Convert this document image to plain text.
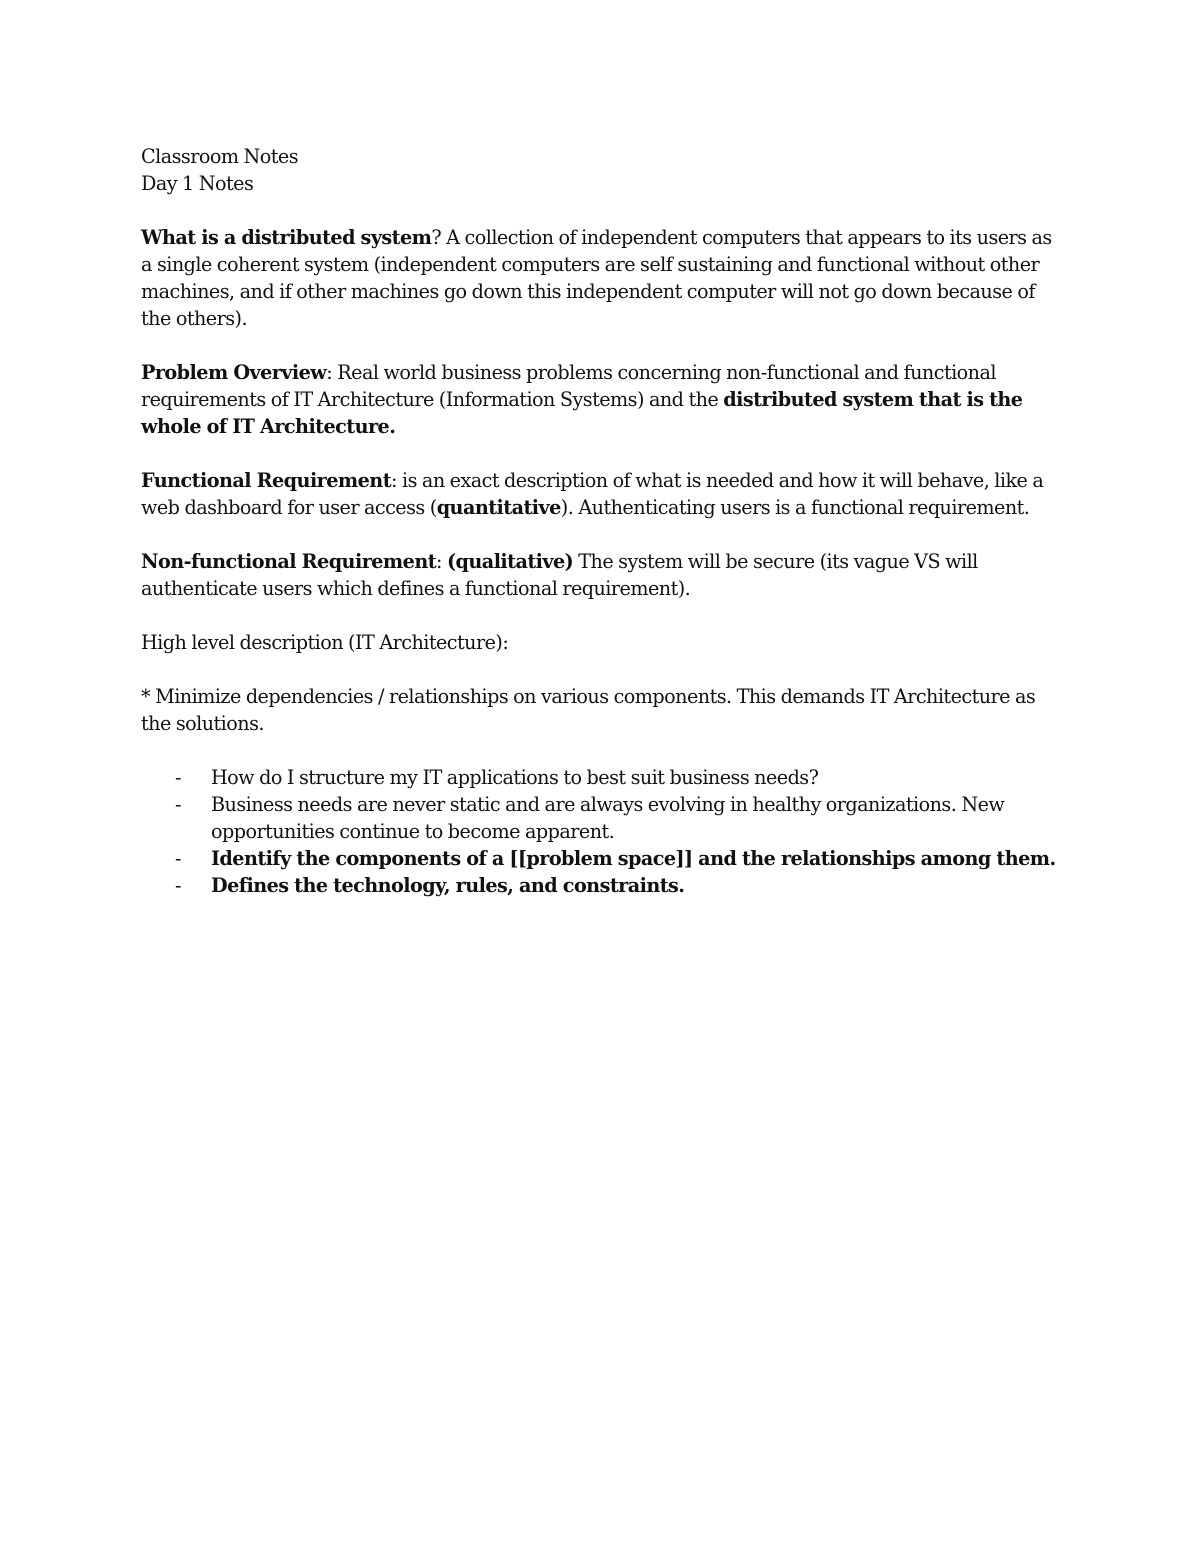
Classroom Notes
Day 1 Notes
What is a distributed system? A collection of independent computers that appears to its users as a single coherent system (independent computers are self sustaining and functional without other machines, and if other machines go down this independent computer will not go down because of the others).
Problem Overview: Real world business problems concerning non-functional and functional requirements of IT Architecture (Information Systems) and the distributed system that is the whole of IT Architecture.
Functional Requirement: is an exact description of what is needed and how it will behave, like a web dashboard for user access (quantitative). Authenticating users is a functional requirement.
Non-functional Requirement: (qualitative) The system will be secure (its vague VS will authenticate users which defines a functional requirement).
High level description (IT Architecture):
* Minimize dependencies / relationships on various components. This demands IT Architecture as the solutions.
- How do I structure my IT applications to best suit business needs?
- Business needs are never static and are always evolving in healthy organizations. New opportunities continue to become apparent.
- Identify the components of a [[problem space]] and the relationships among them.
- Defines the technology, rules, and constraints.
